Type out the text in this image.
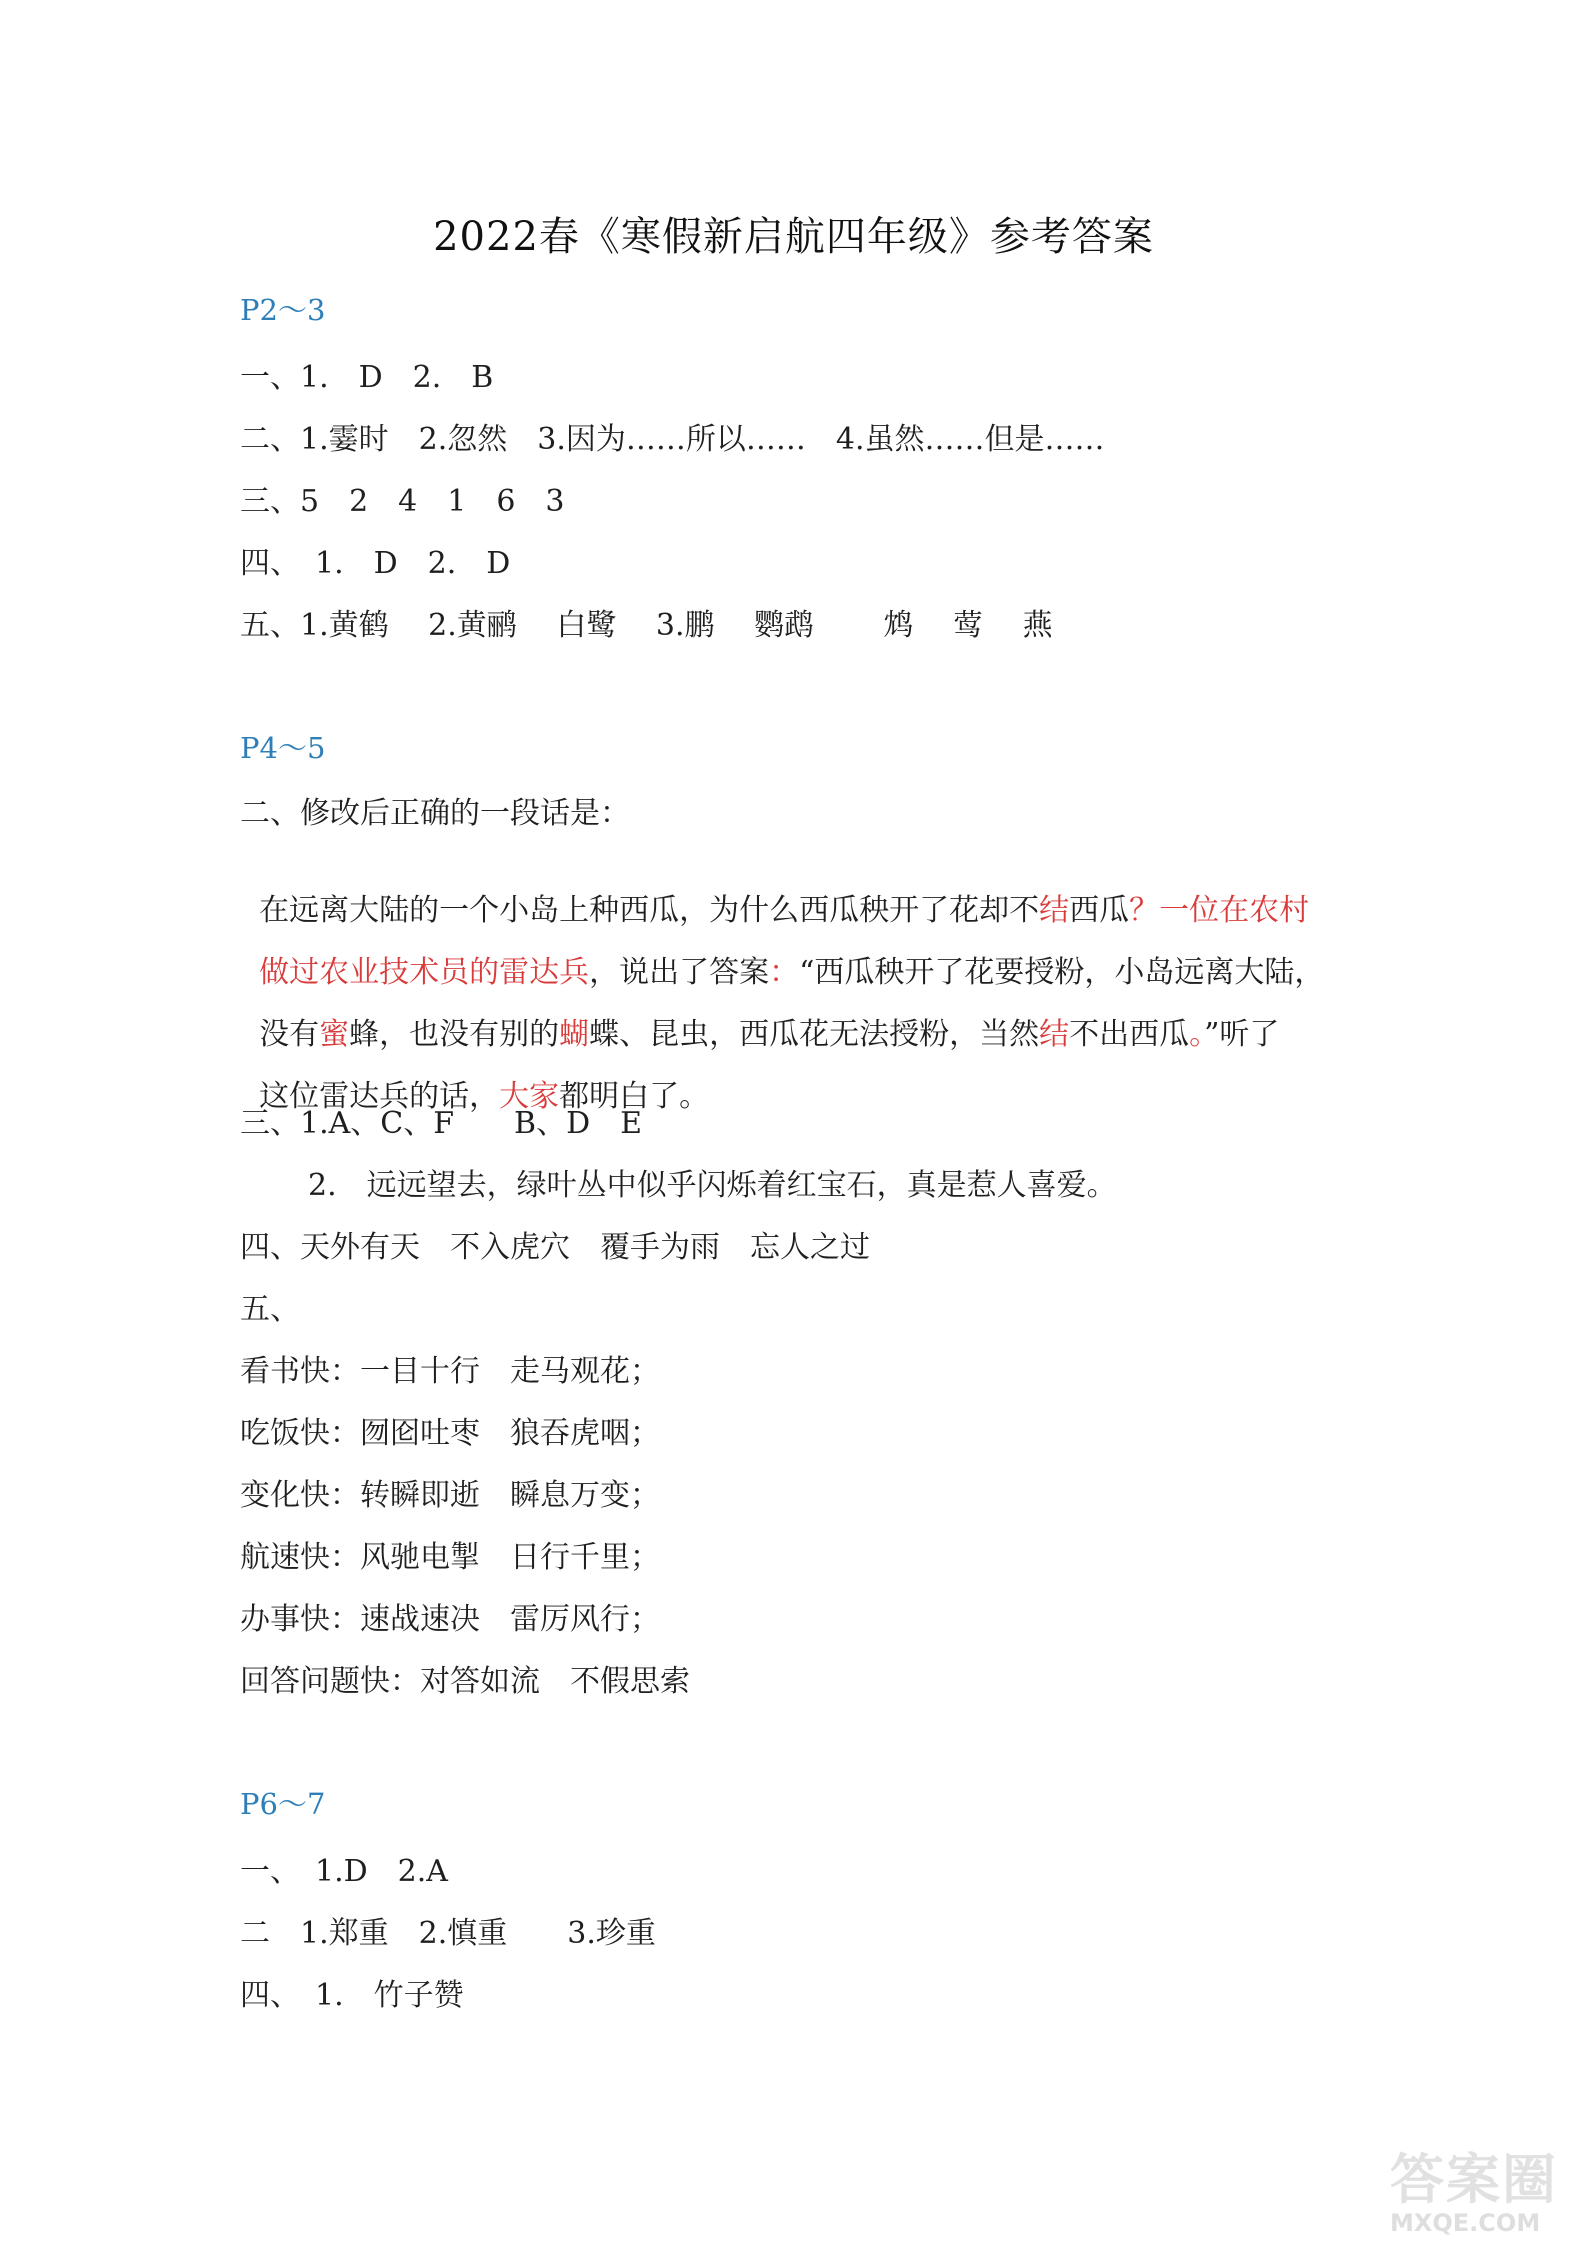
2022春《寒假新启航四年级》参考答案
P2～3
一、1.　D　2.　B
二、1.霎时　2.忽然　3.因为……所以……　4.虽然……但是……
三、5　2　4　1　6　3
四、　1.　D　2.　D
五、1.黄鹤　 2.黄鹂　 白鹭　 3.鹏　 鹦鹉　　 鸩　 莺　 燕
P4～5
二、修改后正确的一段话是：

在远离大陆的一个小岛上种西瓜，为什么西瓜秧开了花却不结西瓜？一位在农村

做过农业技术员的雷达兵，说出了答案：“西瓜秧开了花要授粉，小岛远离大陆，

没有蜜蜂，也没有别的蝴蝶、昆虫，西瓜花无法授粉，当然结不出西瓜。”听了

这位雷达兵的话，大家都明白了。

三、1.A、C、F　　B、D　E
2.　远远望去，绿叶丛中似乎闪烁着红宝石，真是惹人喜爱。
四、天外有天　不入虎穴　覆手为雨　忘人之过
五、
看书快：一目十行　走马观花；
吃饭快：囫囵吐枣　狼吞虎咽；
变化快：转瞬即逝　瞬息万变；
航速快：风驰电掣　日行千里；
办事快：速战速决　雷厉风行；
回答问题快：对答如流　不假思索
P6～7
一、　1.D　2.A
二　1.郑重　2.慎重　　3.珍重
四、　1.　竹子赞
答案圈
MXQE.COM
